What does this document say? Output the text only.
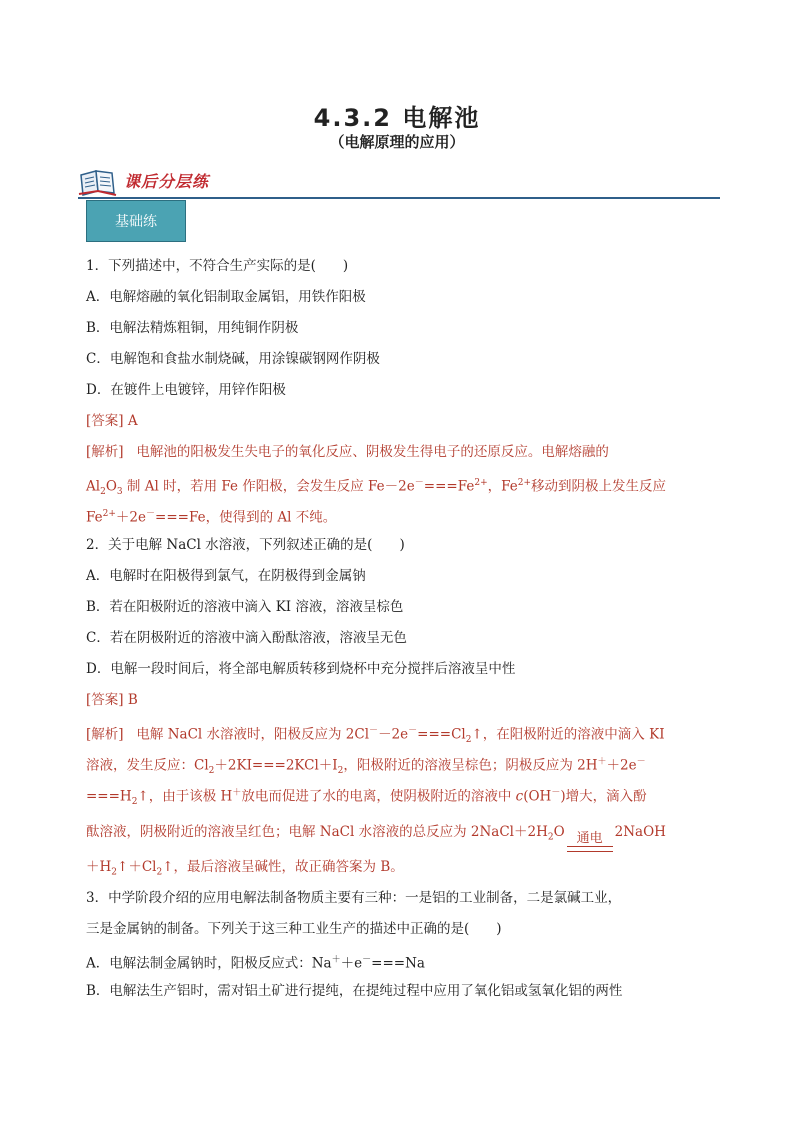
4.3.2 电解池
（电解原理的应用）
课后分层练
基础练
1．下列描述中，不符合生产实际的是(　　)
A．电解熔融的氧化铝制取金属铝，用铁作阳极
B．电解法精炼粗铜，用纯铜作阴极
C．电解饱和食盐水制烧碱，用涂镍碳钢网作阴极
D．在镀件上电镀锌，用锌作阳极
[答案] A
[解析] 电解池的阳极发生失电子的氧化反应、阴极发生得电子的还原反应。电解熔融的
$Al_2O_3$ 制 Al 时，若用 Fe 作阳极，会发生反应 $Fe-2e^-===Fe^{2+}$，$Fe^{2+}$移动到阴极上发生反应
$Fe^{2+}+2e^-===Fe$，使得到的 Al 不纯。
2．关于电解 NaCl 水溶液，下列叙述正确的是(　　)
A．电解时在阳极得到氯气，在阴极得到金属钠
B．若在阳极附近的溶液中滴入 KI 溶液，溶液呈棕色
C．若在阴极附近的溶液中滴入酚酞溶液，溶液呈无色
D．电解一段时间后，将全部电解质转移到烧杯中充分搅拌后溶液呈中性
[答案] B
[解析] 电解 NaCl 水溶液时，阳极反应为 $2Cl^--2e^-===Cl_2↑$，在阳极附近的溶液中滴入 KI
溶液，发生反应：$Cl_2+2KI===2KCl+I_2$，阳极附近的溶液呈棕色；阴极反应为 2H＋＋2e－
$===H_2↑$，由于该极 H＋放电而促进了水的电离，使阴极附近的溶液中 c(OH－)增大，滴入酚
酞溶液，阴极附近的溶液呈红色；电解 NaCl 水溶液的总反应为 $2NaCl+2H_2O$ 通电 2NaOH
$+H_2↑+Cl_2↑$，最后溶液呈碱性，故正确答案为 B。
3．中学阶段介绍的应用电解法制备物质主要有三种：一是铝的工业制备，二是氯碱工业，
三是金属钠的制备。下列关于这三种工业生产的描述中正确的是(　　)
A．电解法制金属钠时，阳极反应式：Na＋＋e－===Na
B．电解法生产铝时，需对铝土矿进行提纯，在提纯过程中应用了氧化铝或氢氧化铝的两性
